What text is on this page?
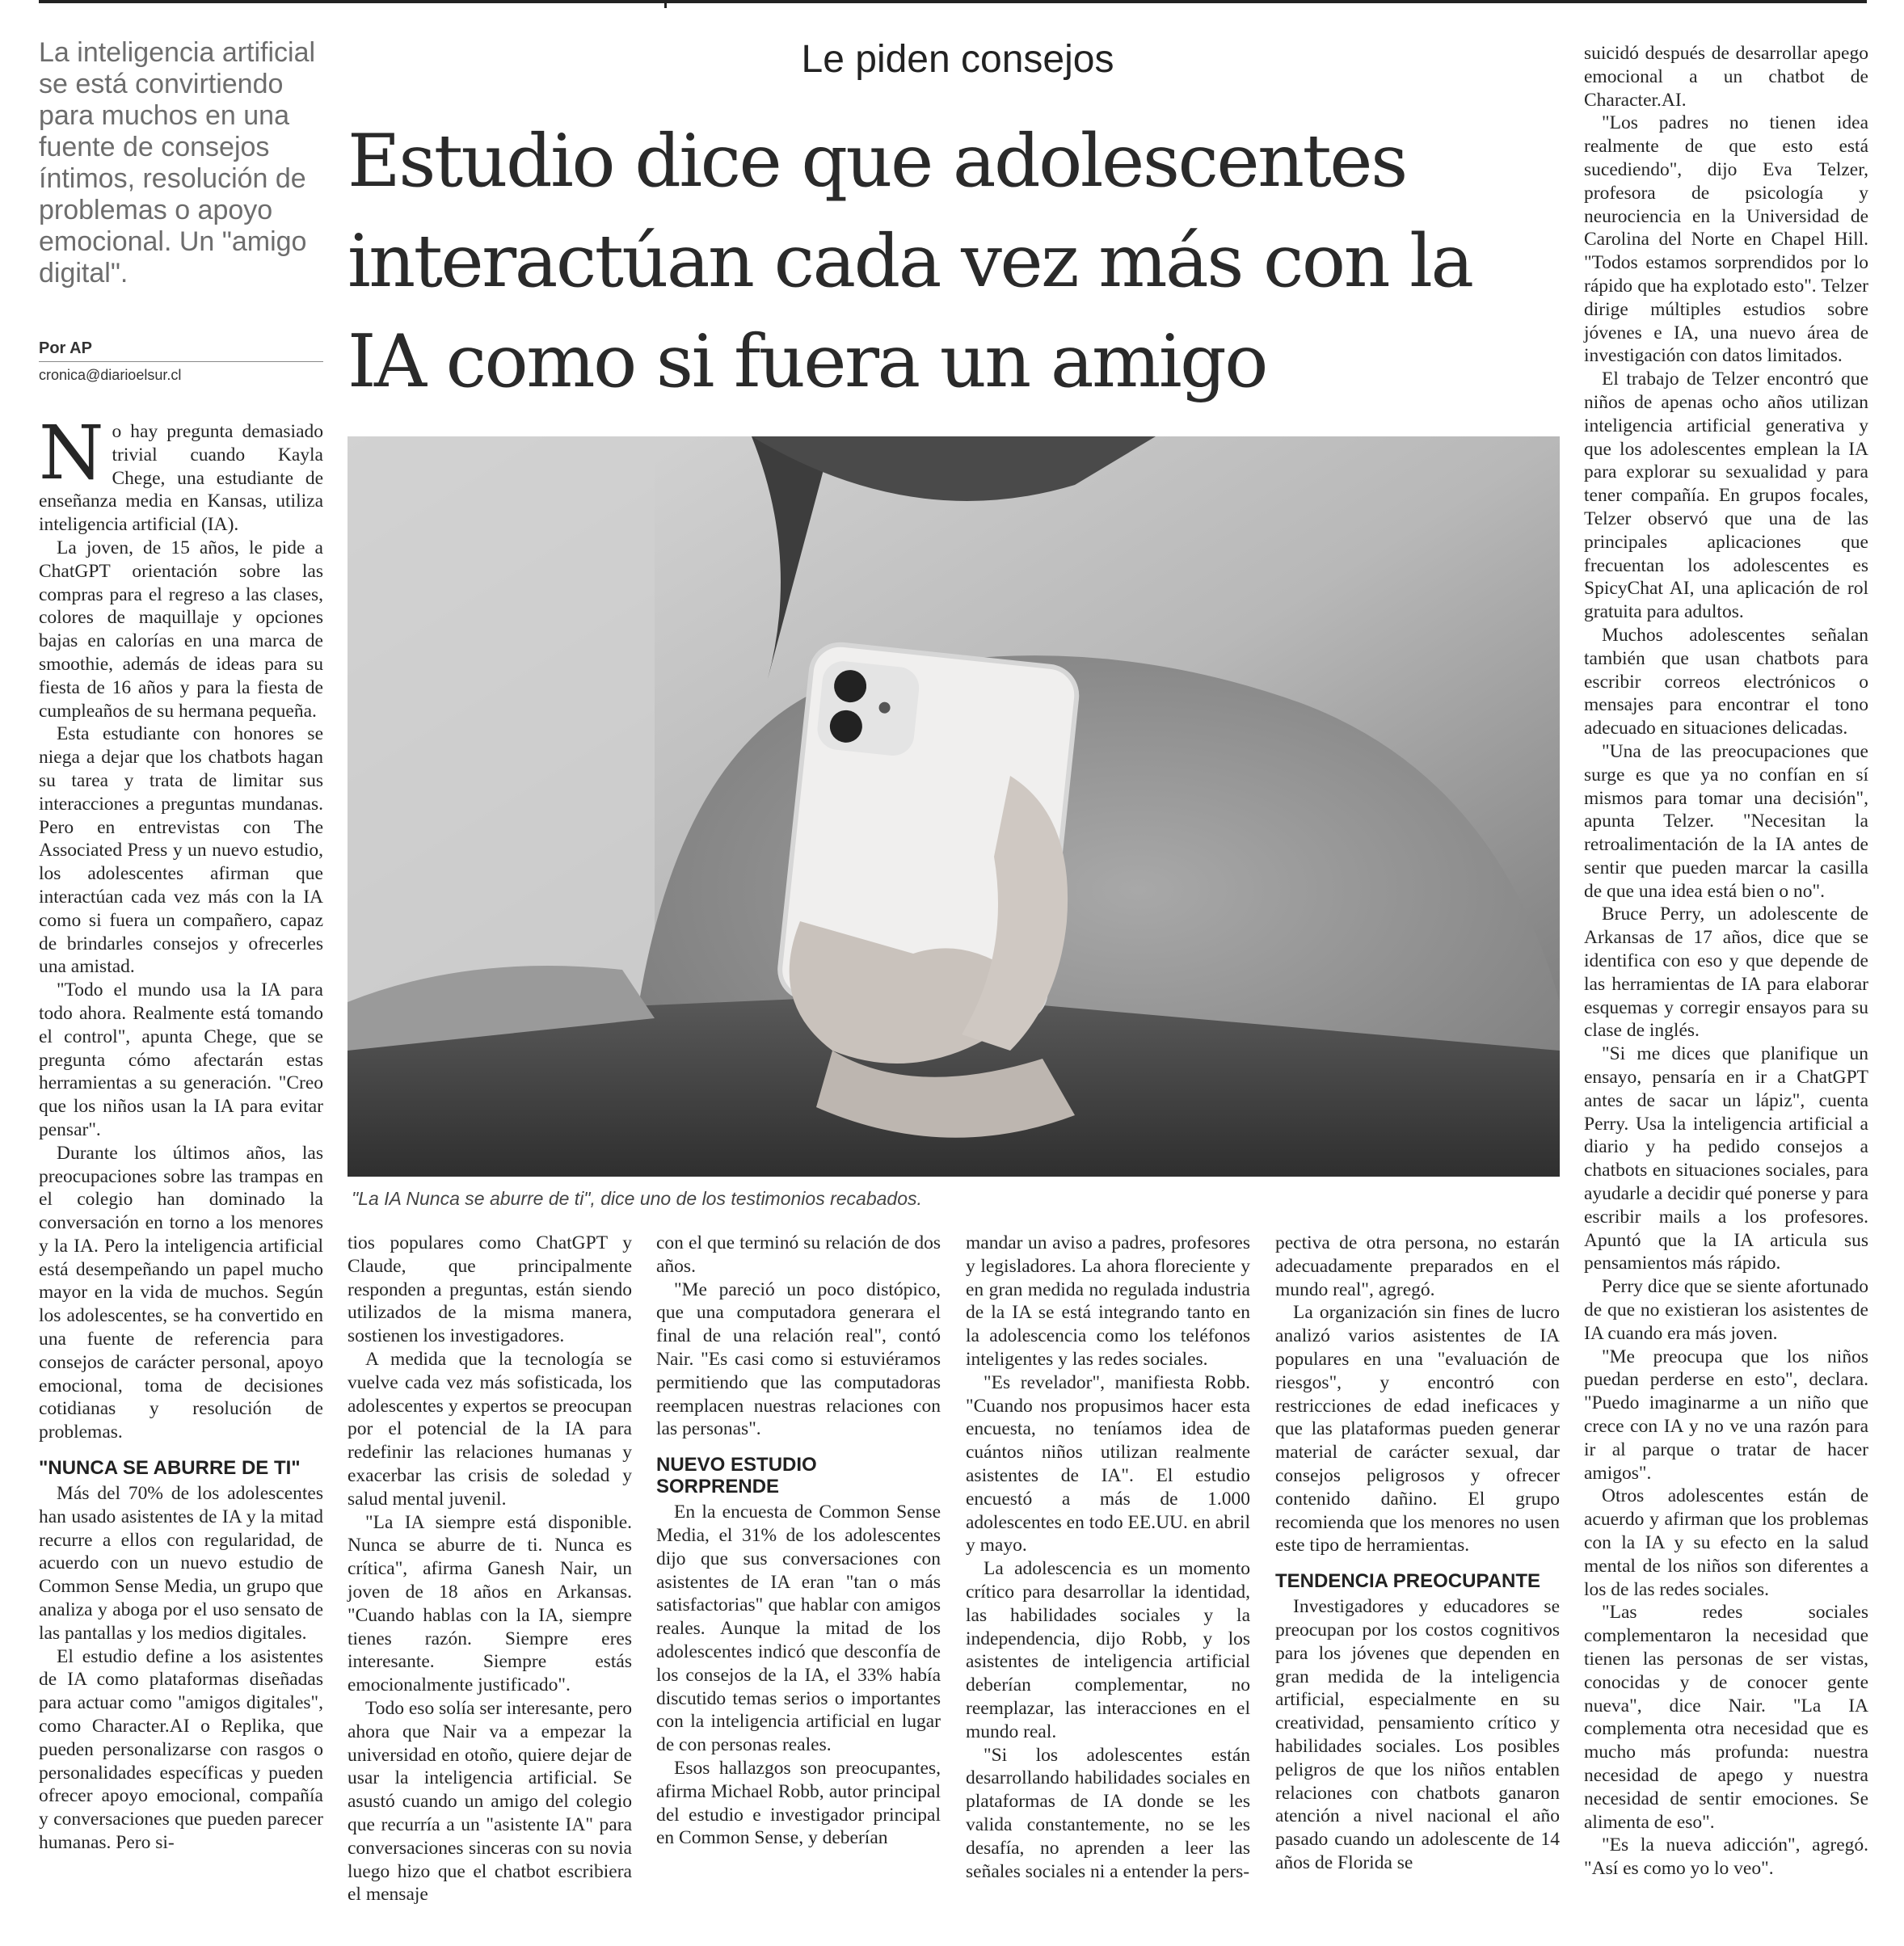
La inteligencia artificial se está convirtiendo para muchos en una fuente de consejos íntimos, resolución de problemas o apoyo emocional. Un "amigo digital".

Por AP
cronica@diarioelsur.cl
Le piden consejos
Estudio dice que adolescentes interactúan cada vez más con la IA como si fuera un amigo
"La IA Nunca se aburre de ti", dice uno de los testimonios recabados.

No hay pregunta demasiado trivial cuando Kayla Chege, una estudiante de enseñanza media en Kansas, utiliza inteligencia artificial (IA).

La joven, de 15 años, le pide a ChatGPT orientación sobre las compras para el regreso a las clases, colores de maquillaje y opciones bajas en calorías en una marca de smoothie, además de ideas para su fiesta de 16 años y para la fiesta de cumpleaños de su hermana pequeña.

Esta estudiante con honores se niega a dejar que los chatbots hagan su tarea y trata de limitar sus interacciones a preguntas mundanas. Pero en entrevistas con The Associated Press y un nuevo estudio, los adolescentes afirman que interactúan cada vez más con la IA como si fuera un compañero, capaz de brindarles consejos y ofrecerles una amistad.

"Todo el mundo usa la IA para todo ahora. Realmente está tomando el control", apunta Chege, que se pregunta cómo afectarán estas herramientas a su generación. "Creo que los niños usan la IA para evitar pensar".

Durante los últimos años, las preocupaciones sobre las trampas en el colegio han dominado la conversación en torno a los menores y la IA. Pero la inteligencia artificial está desempeñando un papel mucho mayor en la vida de muchos. Según los adolescentes, se ha convertido en una fuente de referencia para consejos de carácter personal, apoyo emocional, toma de decisiones cotidianas y resolución de problemas.

"NUNCA SE ABURRE DE TI"

Más del 70% de los adolescentes han usado asistentes de IA y la mitad recurre a ellos con regularidad, de acuerdo con un nuevo estudio de Common Sense Media, un grupo que analiza y aboga por el uso sensato de las pantallas y los medios digitales.

El estudio define a los asistentes de IA como plataformas diseñadas para actuar como "amigos digitales", como Character.AI o Replika, que pueden personalizarse con rasgos o personalidades específicas y pueden ofrecer apoyo emocional, compañía y conversaciones que pueden parecer humanas. Pero si-

tios populares como ChatGPT y Claude, que principalmente responden a preguntas, están siendo utilizados de la misma manera, sostienen los investigadores.

A medida que la tecnología se vuelve cada vez más sofisticada, los adolescentes y expertos se preocupan por el potencial de la IA para redefinir las relaciones humanas y exacerbar las crisis de soledad y salud mental juvenil.

"La IA siempre está disponible. Nunca se aburre de ti. Nunca es crítica", afirma Ganesh Nair, un joven de 18 años en Arkansas. "Cuando hablas con la IA, siempre tienes razón. Siempre eres interesante. Siempre estás emocionalmente justificado".

Todo eso solía ser interesante, pero ahora que Nair va a empezar la universidad en otoño, quiere dejar de usar la inteligencia artificial. Se asustó cuando un amigo del colegio que recurría a un "asistente IA" para conversaciones sinceras con su novia luego hizo que el chatbot escribiera el mensaje

con el que terminó su relación de dos años.

"Me pareció un poco distópico, que una computadora generara el final de una relación real", contó Nair. "Es casi como si estuviéramos permitiendo que las computadoras reemplacen nuestras relaciones con las personas".

NUEVO ESTUDIO SORPRENDE

En la encuesta de Common Sense Media, el 31% de los adolescentes dijo que sus conversaciones con asistentes de IA eran "tan o más satisfactorias" que hablar con amigos reales. Aunque la mitad de los adolescentes indicó que desconfía de los consejos de la IA, el 33% había discutido temas serios o importantes con la inteligencia artificial en lugar de con personas reales.

Esos hallazgos son preocupantes, afirma Michael Robb, autor principal del estudio e investigador principal en Common Sense, y deberían

mandar un aviso a padres, profesores y legisladores. La ahora floreciente y en gran medida no regulada industria de la IA se está integrando tanto en la adolescencia como los teléfonos inteligentes y las redes sociales.

"Es revelador", manifiesta Robb. "Cuando nos propusimos hacer esta encuesta, no teníamos idea de cuántos niños utilizan realmente asistentes de IA". El estudio encuestó a más de 1.000 adolescentes en todo EE.UU. en abril y mayo.

La adolescencia es un momento crítico para desarrollar la identidad, las habilidades sociales y la independencia, dijo Robb, y los asistentes de inteligencia artificial deberían complementar, no reemplazar, las interacciones en el mundo real.

"Si los adolescentes están desarrollando habilidades sociales en plataformas de IA donde se les valida constantemente, no se les desafía, no aprenden a leer las señales sociales ni a entender la pers-

pectiva de otra persona, no estarán adecuadamente preparados en el mundo real", agregó.

La organización sin fines de lucro analizó varios asistentes de IA populares en una "evaluación de riesgos", y encontró con restricciones de edad ineficaces y que las plataformas pueden generar material de carácter sexual, dar consejos peligrosos y ofrecer contenido dañino. El grupo recomienda que los menores no usen este tipo de herramientas.

TENDENCIA PREOCUPANTE

Investigadores y educadores se preocupan por los costos cognitivos para los jóvenes que dependen en gran medida de la inteligencia artificial, especialmente en su creatividad, pensamiento crítico y habilidades sociales. Los posibles peligros de que los niños entablen relaciones con chatbots ganaron atención a nivel nacional el año pasado cuando un adolescente de 14 años de Florida se

suicidó después de desarrollar apego emocional a un chatbot de Character.AI.

"Los padres no tienen idea realmente de que esto está sucediendo", dijo Eva Telzer, profesora de psicología y neurociencia en la Universidad de Carolina del Norte en Chapel Hill. "Todos estamos sorprendidos por lo rápido que ha explotado esto". Telzer dirige múltiples estudios sobre jóvenes e IA, una nuevo área de investigación con datos limitados.

El trabajo de Telzer encontró que niños de apenas ocho años utilizan inteligencia artificial generativa y que los adolescentes emplean la IA para explorar su sexualidad y para tener compañía. En grupos focales, Telzer observó que una de las principales aplicaciones que frecuentan los adolescentes es SpicyChat AI, una aplicación de rol gratuita para adultos.

Muchos adolescentes señalan también que usan chatbots para escribir correos electrónicos o mensajes para encontrar el tono adecuado en situaciones delicadas.

"Una de las preocupaciones que surge es que ya no confían en sí mismos para tomar una decisión", apunta Telzer. "Necesitan la retroalimentación de la IA antes de sentir que pueden marcar la casilla de que una idea está bien o no".

Bruce Perry, un adolescente de Arkansas de 17 años, dice que se identifica con eso y que depende de las herramientas de IA para elaborar esquemas y corregir ensayos para su clase de inglés.

"Si me dices que planifique un ensayo, pensaría en ir a ChatGPT antes de sacar un lápiz", cuenta Perry. Usa la inteligencia artificial a diario y ha pedido consejos a chatbots en situaciones sociales, para ayudarle a decidir qué ponerse y para escribir mails a los profesores. Apuntó que la IA articula sus pensamientos más rápido.

Perry dice que se siente afortunado de que no existieran los asistentes de IA cuando era más joven.

"Me preocupa que los niños puedan perderse en esto", declara. "Puedo imaginarme a un niño que crece con IA y no ve una razón para ir al parque o tratar de hacer amigos".

Otros adolescentes están de acuerdo y afirman que los problemas con la IA y su efecto en la salud mental de los niños son diferentes a los de las redes sociales.

"Las redes sociales complementaron la necesidad que tienen las personas de ser vistas, conocidas y de conocer gente nueva", dice Nair. "La IA complementa otra necesidad que es mucho más profunda: nuestra necesidad de apego y nuestra necesidad de sentir emociones. Se alimenta de eso".

"Es la nueva adicción", agregó. "Así es como yo lo veo".
